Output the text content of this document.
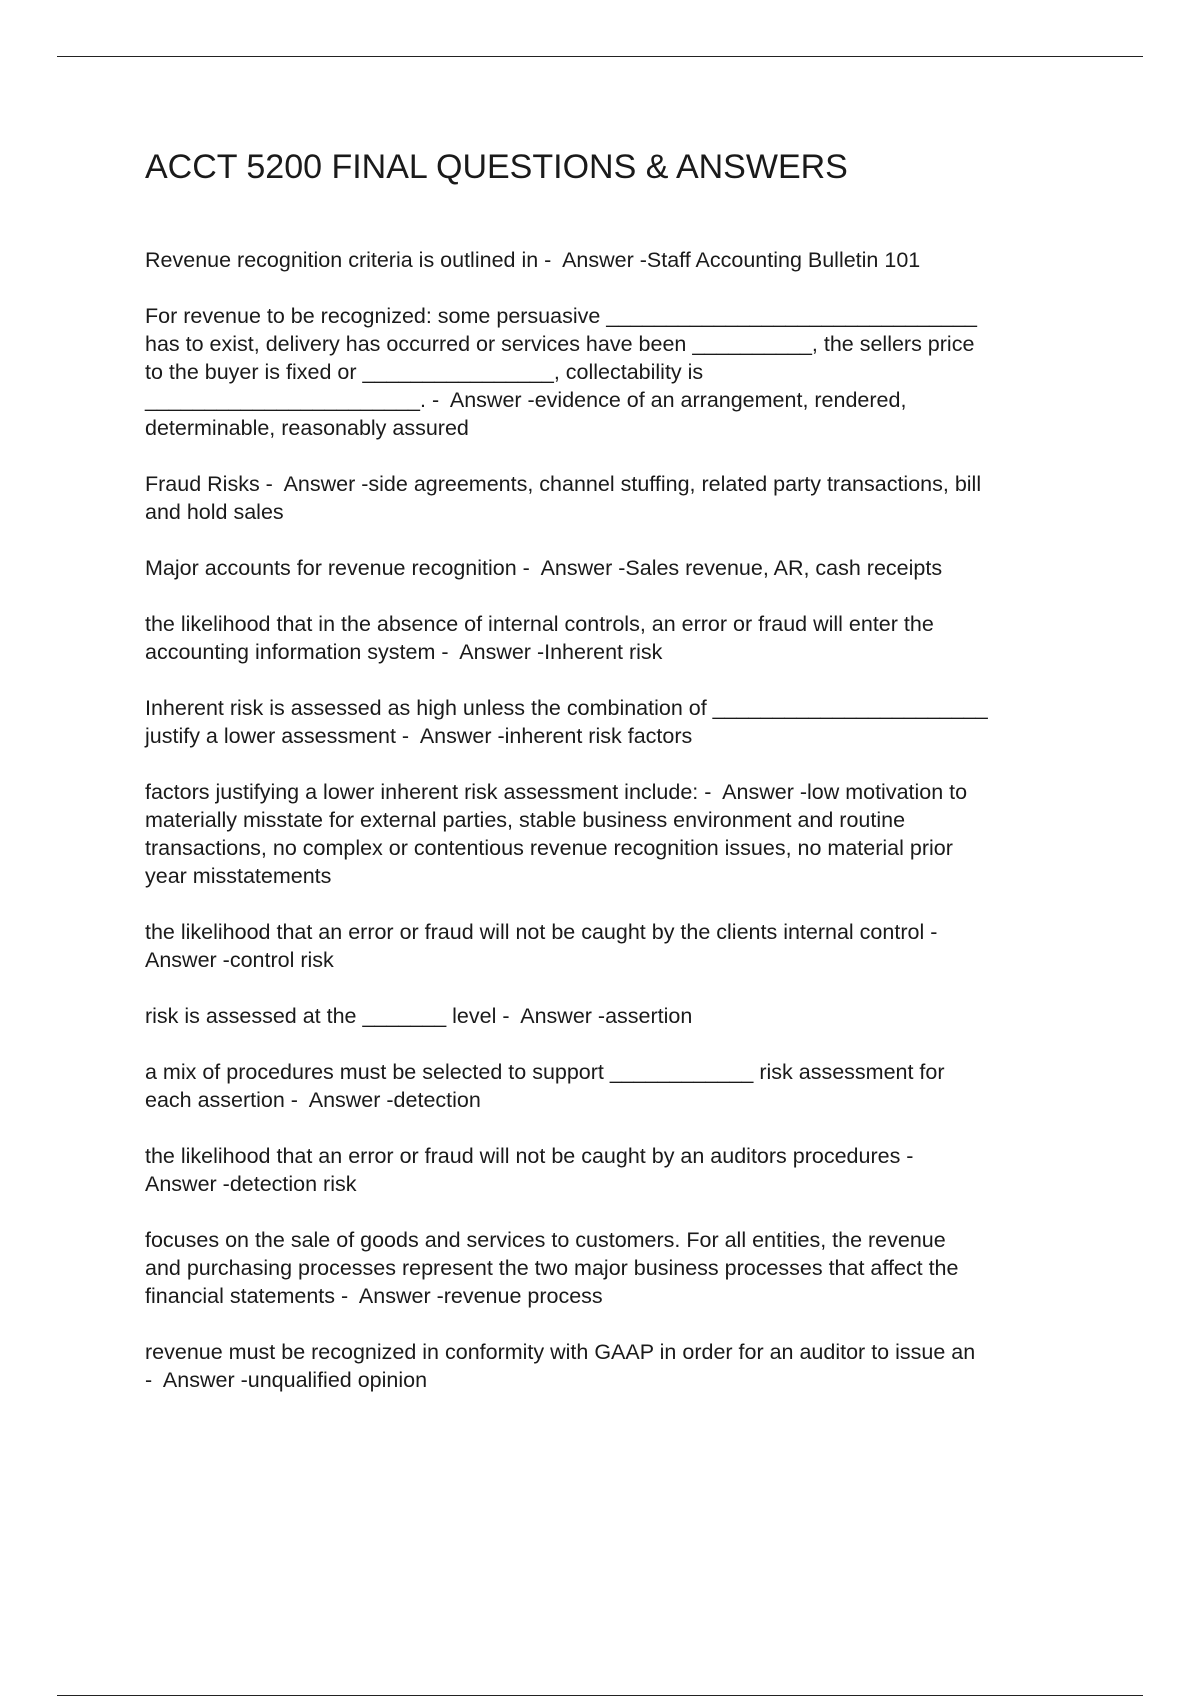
ACCT 5200 FINAL QUESTIONS & ANSWERS

Revenue recognition criteria is outlined in -  Answer -Staff Accounting Bulletin 101

For revenue to be recognized: some persuasive _______________________________
has to exist, delivery has occurred or services have been __________, the sellers price
to the buyer is fixed or ________________, collectability is
_______________________. -  Answer -evidence of an arrangement, rendered,
determinable, reasonably assured

Fraud Risks -  Answer -side agreements, channel stuffing, related party transactions, bill
and hold sales

Major accounts for revenue recognition -  Answer -Sales revenue, AR, cash receipts

the likelihood that in the absence of internal controls, an error or fraud will enter the
accounting information system -  Answer -Inherent risk

Inherent risk is assessed as high unless the combination of _______________________
justify a lower assessment -  Answer -inherent risk factors

factors justifying a lower inherent risk assessment include: -  Answer -low motivation to
materially misstate for external parties, stable business environment and routine
transactions, no complex or contentious revenue recognition issues, no material prior
year misstatements

the likelihood that an error or fraud will not be caught by the clients internal control -
Answer -control risk

risk is assessed at the _______ level -  Answer -assertion

a mix of procedures must be selected to support ____________ risk assessment for
each assertion -  Answer -detection

the likelihood that an error or fraud will not be caught by an auditors procedures -
Answer -detection risk

focuses on the sale of goods and services to customers. For all entities, the revenue
and purchasing processes represent the two major business processes that affect the
financial statements -  Answer -revenue process

revenue must be recognized in conformity with GAAP in order for an auditor to issue an
-  Answer -unqualified opinion
